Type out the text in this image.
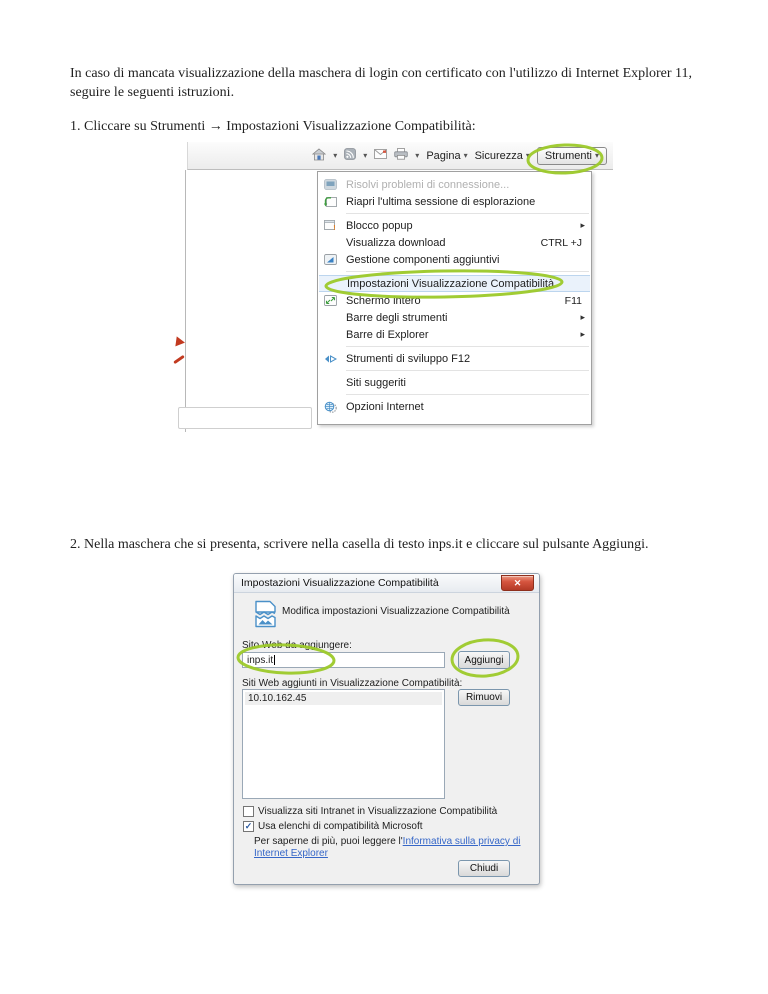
In caso di mancata visualizzazione della maschera di login con certificato con l'utilizzo di Internet Explorer 11, seguire le seguenti istruzioni.
1. Cliccare su Strumenti → Impostazioni Visualizzazione Compatibilità:
2. Nella maschera che si presenta, scrivere nella casella di testo inps.it e cliccare sul pulsante Aggiungi.
▾	▾	▾ Pagina ▾ Sicurezza ▾ Strumenti ▾
Risolvi problemi di connessione...
Riapri l'ultima sessione di esplorazione
! Blocco popup	▸
Visualizza download	CTRL +J
Gestione componenti aggiuntivi
Impostazioni Visualizzazione Compatibilità
Schermo intero	F11
Barre degli strumenti	▸
Barre di Explorer	▸
Strumenti di sviluppo F12
Siti suggeriti
Opzioni Internet
Impostazioni Visualizzazione Compatibilità	✕
Modifica impostazioni Visualizzazione Compatibilità
Sito Web da aggiungere:
inps.it	Aggiungi
Siti Web aggiunti in Visualizzazione Compatibilità:
10.10.162.45	Rimuovi
Visualizza siti Intranet in Visualizzazione Compatibilità
✓ Usa elenchi di compatibilità Microsoft
Per saperne di più, puoi leggere l'Informativa sulla privacy di Internet Explorer
Chiudi
